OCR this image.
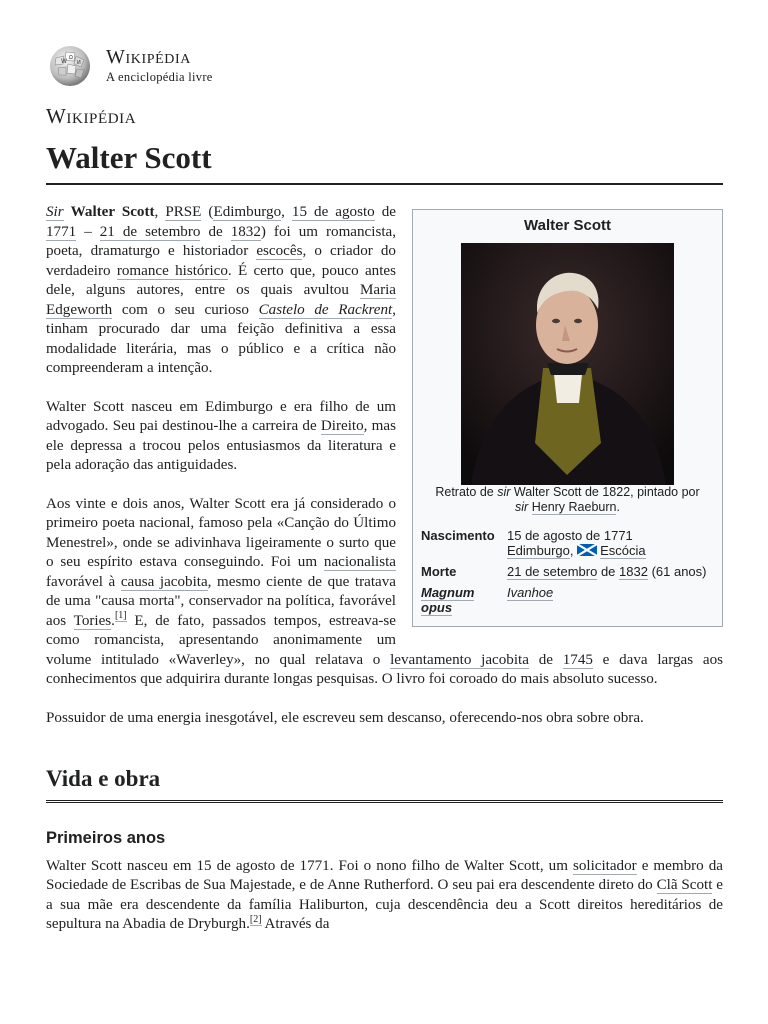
W Ω
И Wikipédia
A enciclopédia livre
Wikipédia
Walter Scott
Walter Scott
Retrato de sir Walter Scott de 1822, pintado por
sir Henry Raeburn.
Nascimento 15 de agosto de 1771
Edimburgo, Escócia
Morte	21 de setembro de 1832 (61 anos)
Magnum opus
Ivanhoe

Sir Walter Scott, PRSE (Edimburgo, 15 de agosto de 1771 – 21 de setembro de 1832) foi um romancista, poeta, dramaturgo e historiador escocês, o criador do verdadeiro romance histórico. É certo que, pouco antes dele, alguns autores, entre os quais avultou Maria Edgeworth com o seu curioso Castelo de Rackrent, tinham procurado dar uma feição definitiva a essa modalidade literária, mas o público e a crítica não compreenderam a intenção.

Walter Scott nasceu em Edimburgo e era filho de um advogado. Seu pai destinou-lhe a carreira de Direito, mas ele depressa a trocou pelos entusiasmos da literatura e pela adoração das antiguidades.

Aos vinte e dois anos, Walter Scott era já considerado o primeiro poeta nacional, famoso pela «Canção do Último Menestrel», onde se adivinhava ligeiramente o surto que o seu espírito estava conseguindo. Foi um nacionalista favorável à causa jacobita, mesmo ciente de que tratava de uma "causa morta", conservador na política, favorável aos Tories.[1] E, de fato, passados tempos, estreava-se como romancista, apresentando anonimamente um volume intitulado «Waverley», no qual relatava o levantamento jacobita de 1745 e dava largas aos conhecimentos que adquirira durante longas pesquisas. O livro foi coroado do mais absoluto sucesso.

Possuidor de uma energia inesgotável, ele escreveu sem descanso, oferecendo-nos obra sobre obra.

Vida e obra
Primeiros anos

Walter Scott nasceu em 15 de agosto de 1771. Foi o nono filho de Walter Scott, um solicitador e membro da Sociedade de Escribas de Sua Majestade, e de Anne Rutherford. O seu pai era descendente direto do Clã Scott e a sua mãe era descendente da família Haliburton, cuja descendência deu a Scott direitos hereditários de sepultura na Abadia de Dryburgh.[2] Através da
